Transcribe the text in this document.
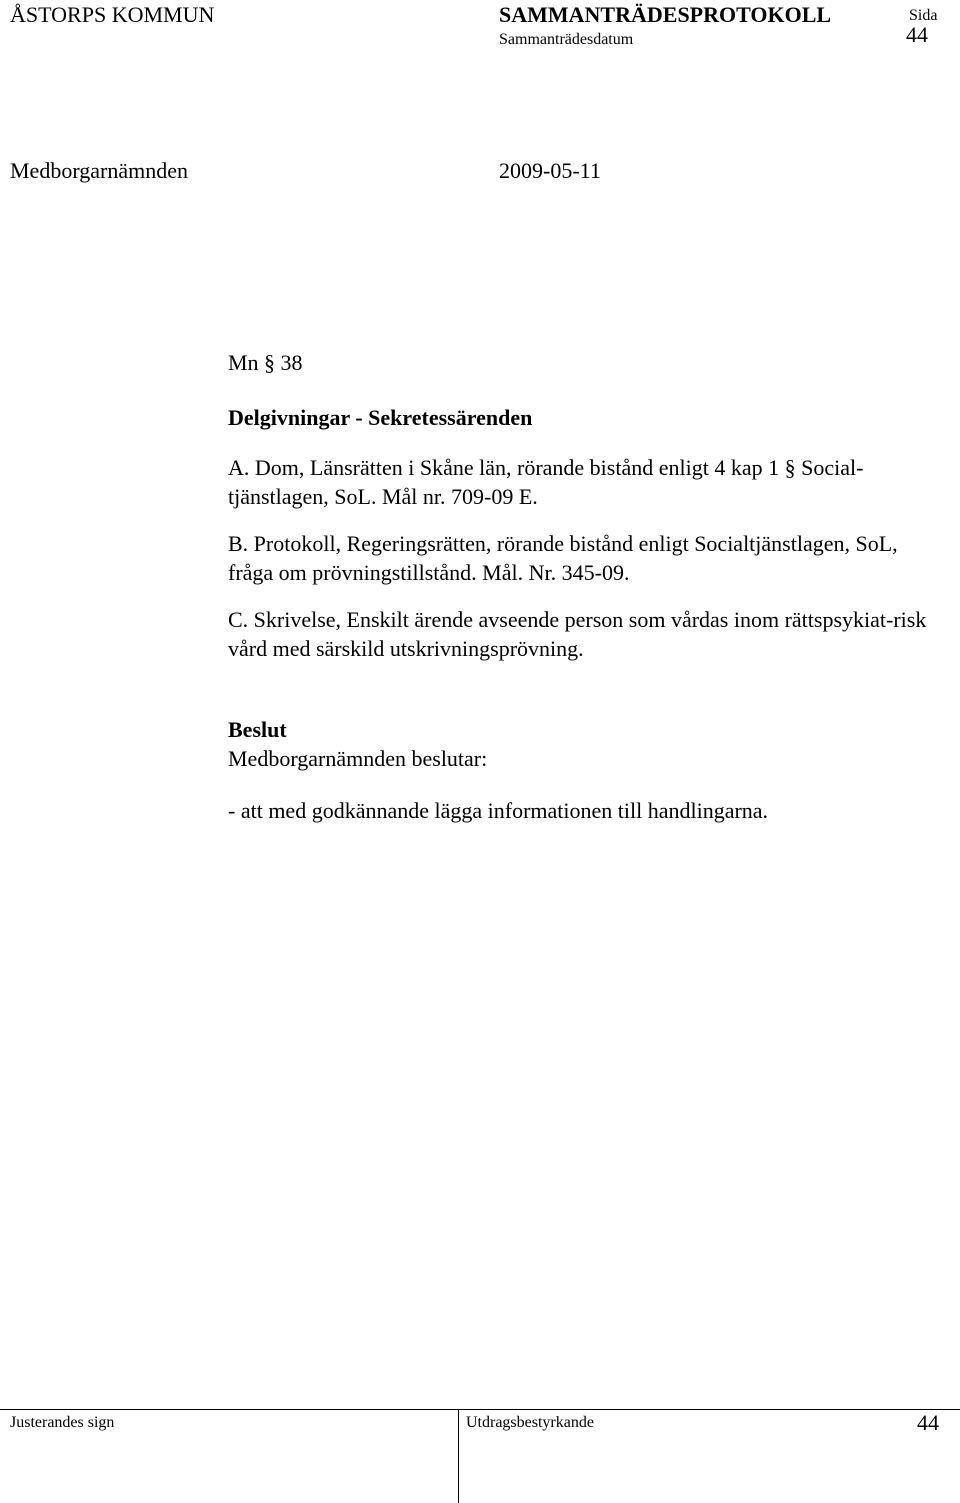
ÅSTORPS KOMMUN	SAMMANTRÄDESPROTOKOLL
Sammanträdesdatum
Sida
44
Medborgarnämnden	2009-05-11

Mn § 38

Delgivningar - Sekretessärenden

A. Dom, Länsrätten i Skåne län, rörande bistånd enligt 4 kap 1 § Social-tjänstlagen, SoL. Mål nr. 709-09 E.

B. Protokoll, Regeringsrätten, rörande bistånd enligt Socialtjänstlagen, SoL, fråga om prövningstillstånd. Mål. Nr. 345-09.

C. Skrivelse, Enskilt ärende avseende person som vårdas inom rättspsykiat-risk vård med särskild utskrivningsprövning.

Beslut

Medborgarnämnden beslutar:

- att med godkännande lägga informationen till handlingarna.

Justerandes sign	Utdragsbestyrkande	44
